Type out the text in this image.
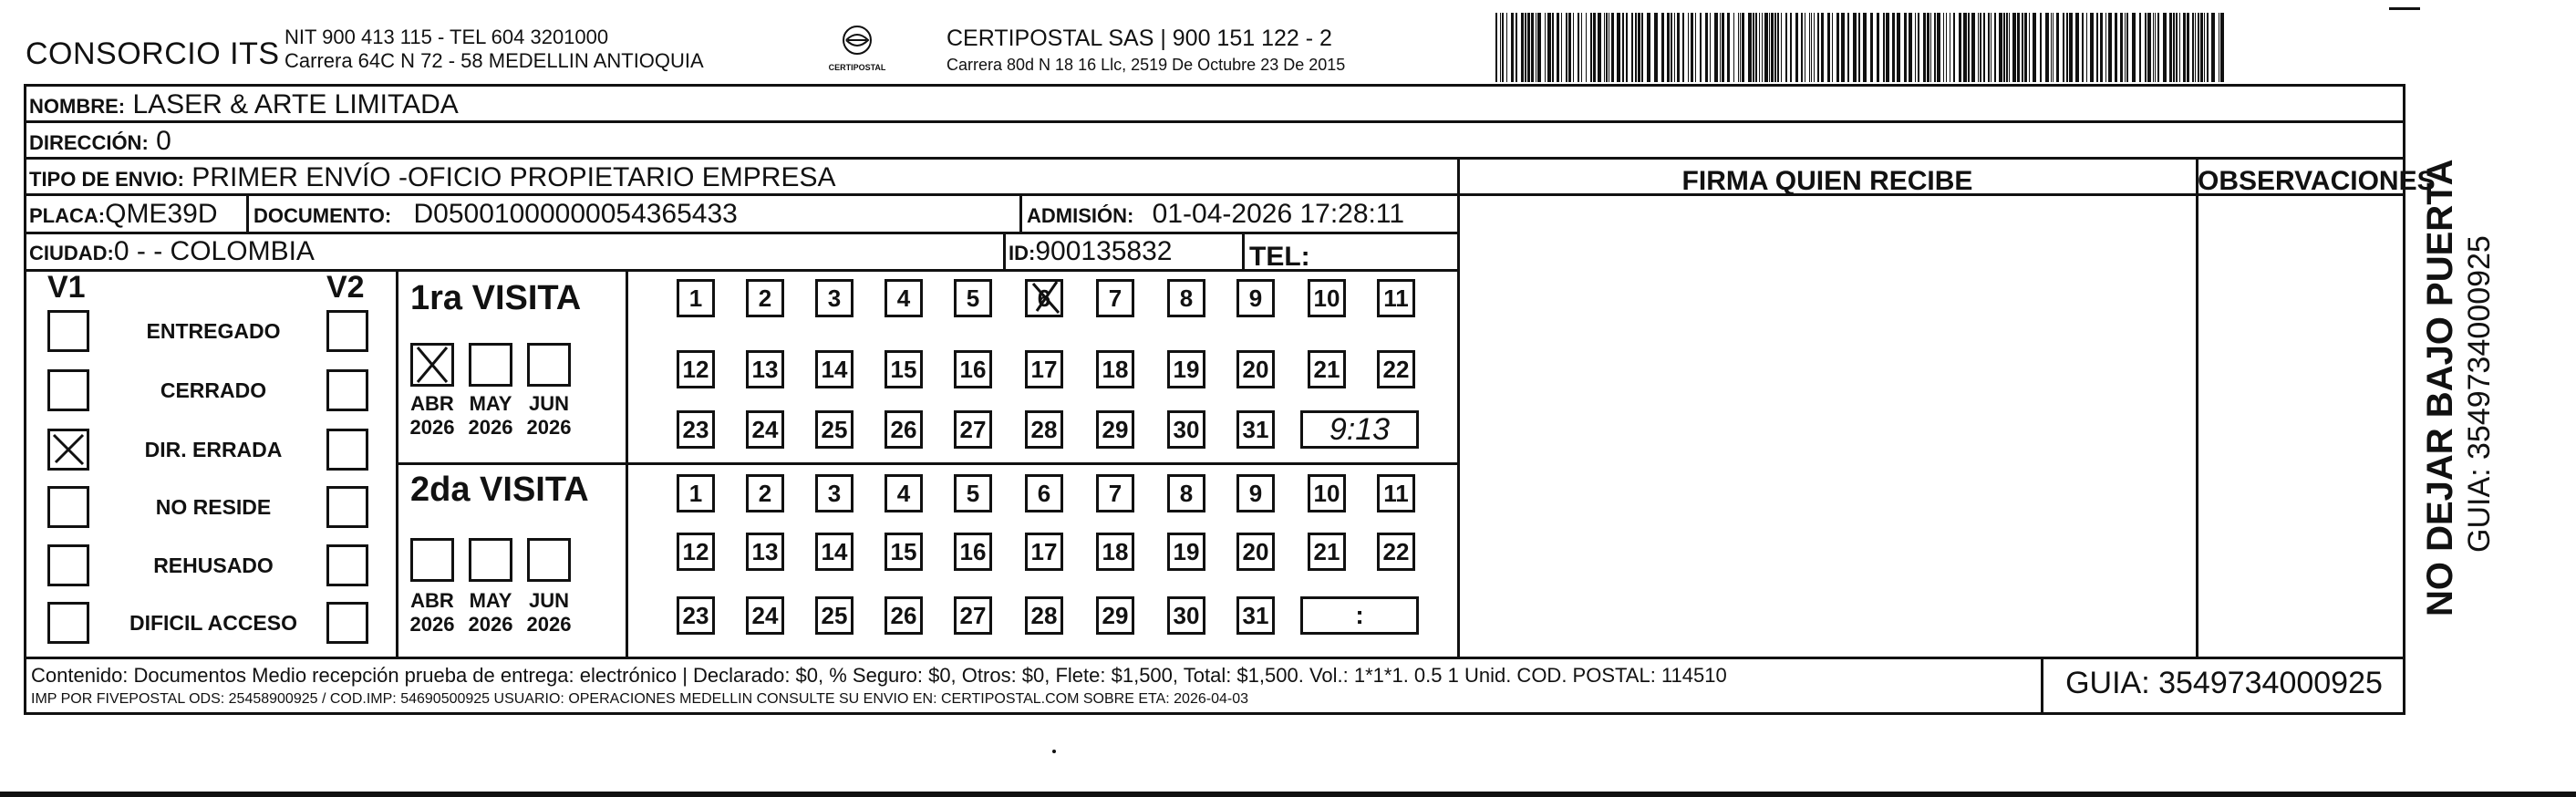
CONSORCIO ITS NIT 900 413 115 - TEL 604 3201000
Carrera 64C N 72 - 58 MEDELLIN ANTIOQUIA	CERTIPOSTAL
CERTIPOSTAL SAS | 900 151 122 - 2
Carrera 80d N 18 16 Llc, 2519 De Octubre 23 De 2015
NOMBRE: LASER & ARTE LIMITADA
DIRECCIÓN: 0
TIPO DE ENVIO: PRIMER ENVÍO -OFICIO PROPIETARIO EMPRESA	FIRMA QUIEN RECIBE	OBSERVACIONES
PLACA:QME39D DOCUMENTO: D05001000000054365433	ADMISIÓN: 01-04-2026 17:28:11
CIUDAD:0 - - COLOMBIA	ID:900135832	TEL:
V1	V2
ENTREGADO
CERRADO
DIR. ERRADA
NO RESIDE
REHUSADO
DIFICIL ACCESO
1ra VISITA
2da VISITA
ABR
2026
MAY
2026
JUN
2026
ABR
2026
MAY
2026
JUN
2026
1	2	3	4	5	6	7	8	9	10 11
12 13 14 15 16 17 18 19 20 21 22
23 24 25 26 27 28 29 30 31	9:13
1	2	3	4	5	6	7	8	9	10 11
12 13 14 15 16 17 18 19 20 21 22
23 24 25 26 27 28 29 30 31	:
Contenido: Documentos Medio recepción prueba de entrega: electrónico | Declarado: $0, % Seguro: $0, Otros: $0, Flete: $1,500, Total: $1,500. Vol.: 1*1*1. 0.5 1 Unid. COD. POSTAL: 114510
IMP POR FIVEPOSTAL ODS: 25458900925 / COD.IMP: 54690500925 USUARIO: OPERACIONES MEDELLIN CONSULTE SU ENVIO EN: CERTIPOSTAL.COM SOBRE ETA: 2026-04-03	GUIA: 3549734000925
NO DEJAR BAJO PUERTA GUIA: 3549734000925
